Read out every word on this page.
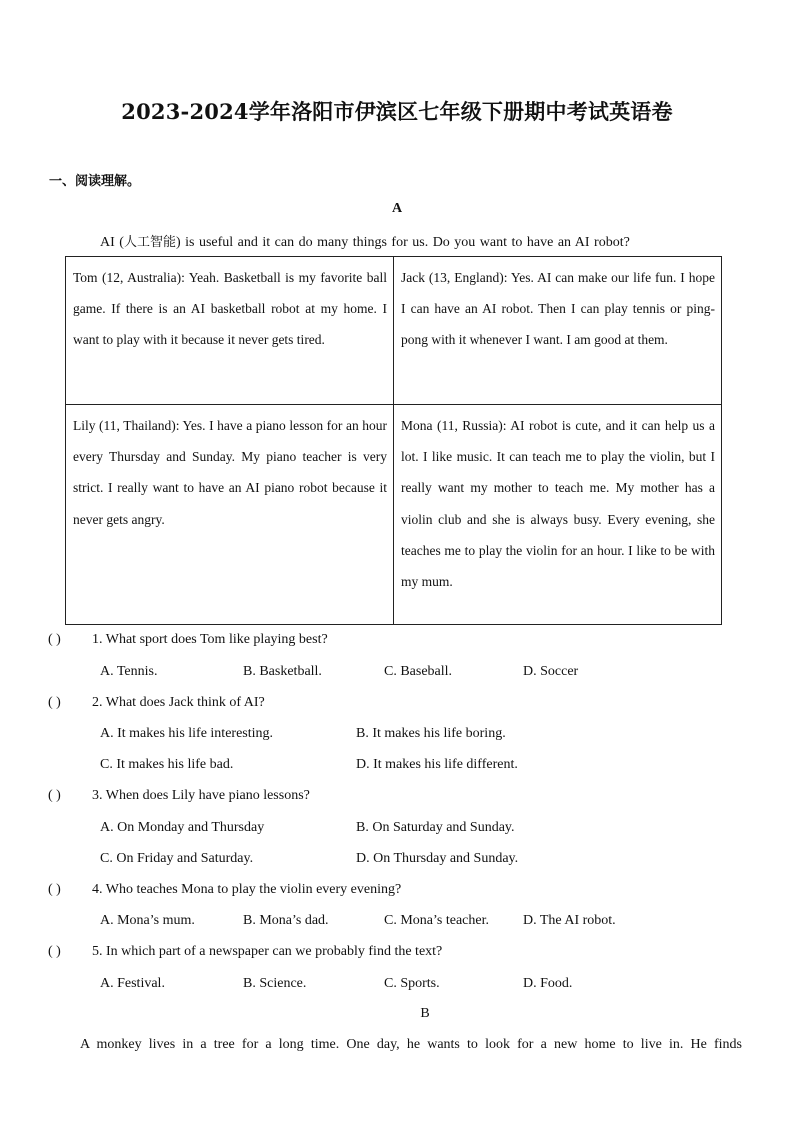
2023-2024学年洛阳市伊滨区七年级下册期中考试英语卷
一、阅读理解。
A
AI (人工智能) is useful and it can do many things for us. Do you want to have an AI robot?
Tom (12, Australia): Yeah. Basketball is my favorite ball game. If there is an AI basketball robot at my home. I want to play with it because it never gets tired.	Jack (13, England): Yes. AI can make our life fun. I hope I can have an AI robot. Then I can play tennis or ping-pong with it whenever I want. I am good at them.
Lily (11, Thailand): Yes. I have a piano lesson for an hour every Thursday and Sunday. My piano teacher is very strict. I really want to have an AI piano robot because it never gets angry.	Mona (11, Russia): AI robot is cute, and it can help us a lot. I like music. It can teach me to play the violin, but I really want my mother to teach me. My mother has a violin club and she is always busy. Every evening, she teaches me to play the violin for an hour. I like to be with my mum.
( ) 1. What sport does Tom like playing best?
A. Tennis.	B. Basketball.	C. Baseball.	D. Soccer
( ) 2. What does Jack think of AI?
A. It makes his life interesting.	B. It makes his life boring.
C. It makes his life bad.	D. It makes his life different.
( ) 3. When does Lily have piano lessons?
A. On Monday and Thursday	B. On Saturday and Sunday.
C. On Friday and Saturday.	D. On Thursday and Sunday.
( ) 4. Who teaches Mona to play the violin every evening?
A. Mona’s mum.	B. Mona’s dad.	C. Mona’s teacher. D. The AI robot.
( ) 5. In which part of a newspaper can we probably find the text?
A. Festival.	B. Science.	C. Sports.	D. Food.
B
A monkey lives in a tree for a long time. One day, he wants to look for a new home to live in. He finds
